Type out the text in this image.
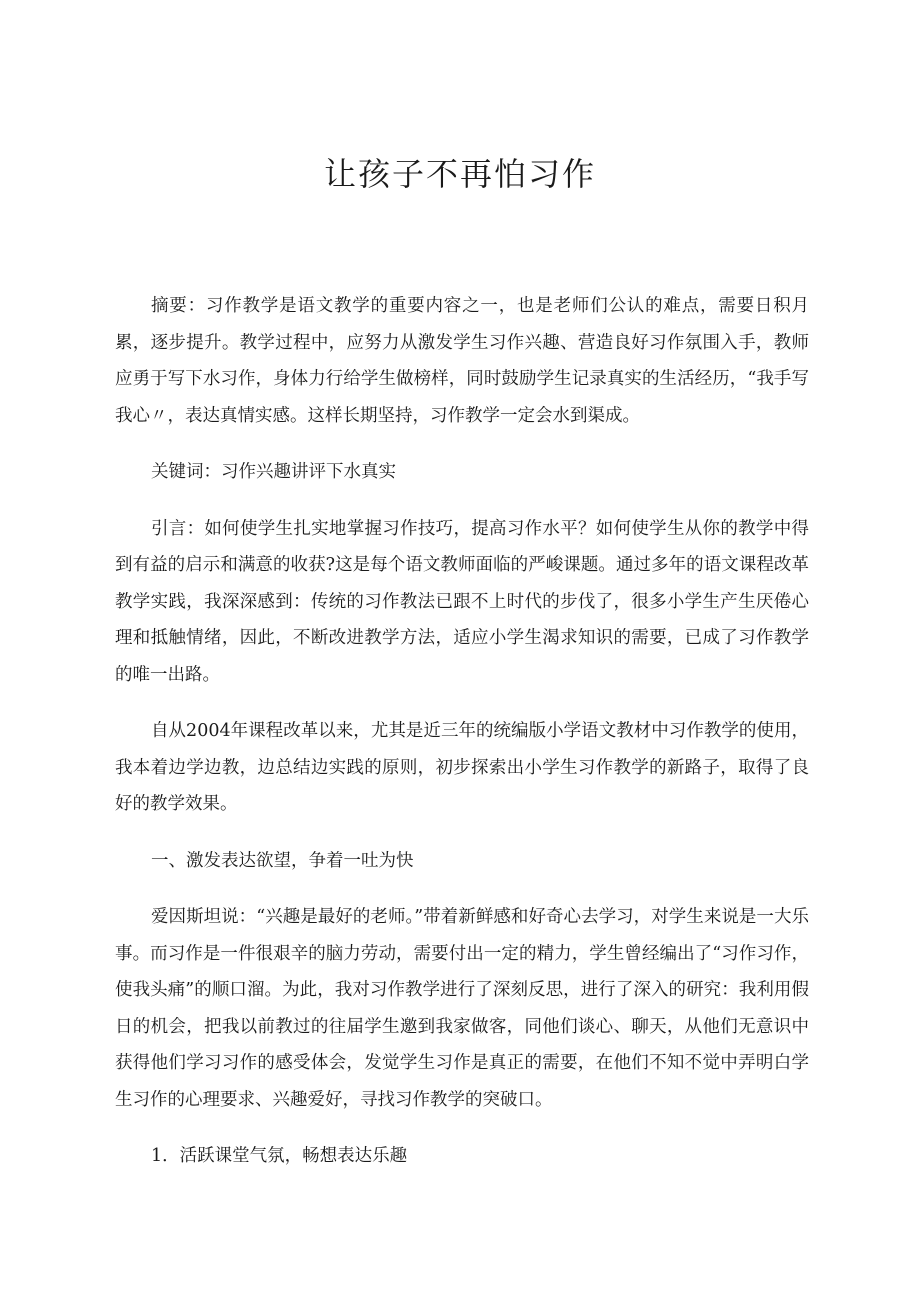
让孩子不再怕习作

摘要：习作教学是语文教学的重要内容之一，也是老师们公认的难点，需要日积月累，逐步提升。教学过程中，应努力从激发学生习作兴趣、营造良好习作氛围入手，教师应勇于写下水习作，身体力行给学生做榜样，同时鼓励学生记录真实的生活经历，“我手写我心〃，表达真情实感。这样长期坚持，习作教学一定会水到渠成。

关键词：习作兴趣讲评下水真实

引言：如何使学生扎实地掌握习作技巧，提高习作水平？如何使学生从你的教学中得到有益的启示和满意的收获?这是每个语文教师面临的严峻课题。通过多年的语文课程改革教学实践，我深深感到：传统的习作教法已跟不上时代的步伐了，很多小学生产生厌倦心理和抵触情绪，因此，不断改进教学方法，适应小学生渴求知识的需要，已成了习作教学的唯一出路。

自从2004年课程改革以来，尤其是近三年的统编版小学语文教材中习作教学的使用，我本着边学边教，边总结边实践的原则，初步探索出小学生习作教学的新路子，取得了良好的教学效果。

一、激发表达欲望，争着一吐为快

爱因斯坦说：“兴趣是最好的老师。”带着新鲜感和好奇心去学习，对学生来说是一大乐事。而习作是一件很艰辛的脑力劳动，需要付出一定的精力，学生曾经编出了“习作习作，使我头痛”的顺口溜。为此，我对习作教学进行了深刻反思，进行了深入的研究：我利用假日的机会，把我以前教过的往届学生邀到我家做客，同他们谈心、聊天，从他们无意识中获得他们学习习作的感受体会，发觉学生习作是真正的需要，在他们不知不觉中弄明白学生习作的心理要求、兴趣爱好，寻找习作教学的突破口。

1．活跃课堂气氛，畅想表达乐趣
